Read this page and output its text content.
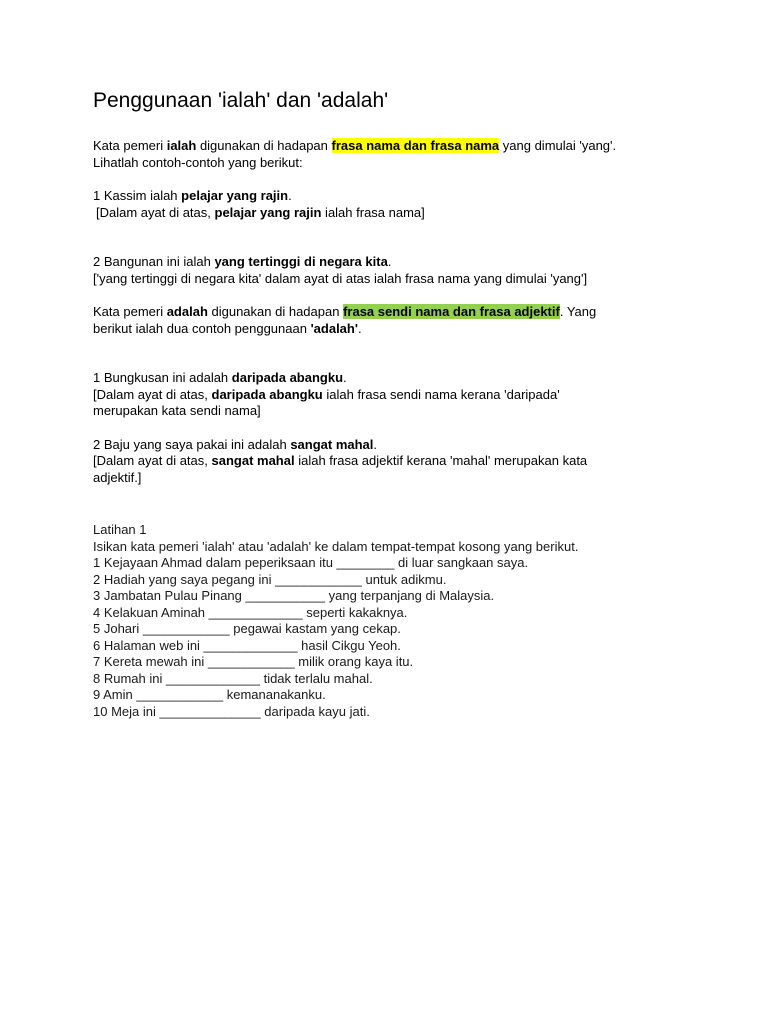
Penggunaan 'ialah' dan 'adalah'

Kata pemeri ialah digunakan di hadapan frasa nama dan frasa nama yang dimulai 'yang'.

Lihatlah contoh-contoh yang berikut:

1 Kassim ialah pelajar yang rajin.

[Dalam ayat di atas, pelajar yang rajin ialah frasa nama]

2 Bangunan ini ialah yang tertinggi di negara kita.

['yang tertinggi di negara kita' dalam ayat di atas ialah frasa nama yang dimulai 'yang']

Kata pemeri adalah digunakan di hadapan frasa sendi nama dan frasa adjektif. Yang

berikut ialah dua contoh penggunaan 'adalah'.

1 Bungkusan ini adalah daripada abangku.

[Dalam ayat di atas, daripada abangku ialah frasa sendi nama kerana 'daripada'

merupakan kata sendi nama]

2 Baju yang saya pakai ini adalah sangat mahal.

[Dalam ayat di atas, sangat mahal ialah frasa adjektif kerana 'mahal' merupakan kata

adjektif.]

Latihan 1

Isikan kata pemeri 'ialah' atau 'adalah' ke dalam tempat-tempat kosong yang berikut.

1 Kejayaan Ahmad dalam peperiksaan itu ________ di luar sangkaan saya.

2 Hadiah yang saya pegang ini ____________ untuk adikmu.

3 Jambatan Pulau Pinang ___________ yang terpanjang di Malaysia.

4 Kelakuan Aminah _____________ seperti kakaknya.

5 Johari ____________ pegawai kastam yang cekap.

6 Halaman web ini _____________ hasil Cikgu Yeoh.

7 Kereta mewah ini ____________ milik orang kaya itu.

8 Rumah ini _____________ tidak terlalu mahal.

9 Amin ____________ kemananakanku.

10 Meja ini ______________ daripada kayu jati.
